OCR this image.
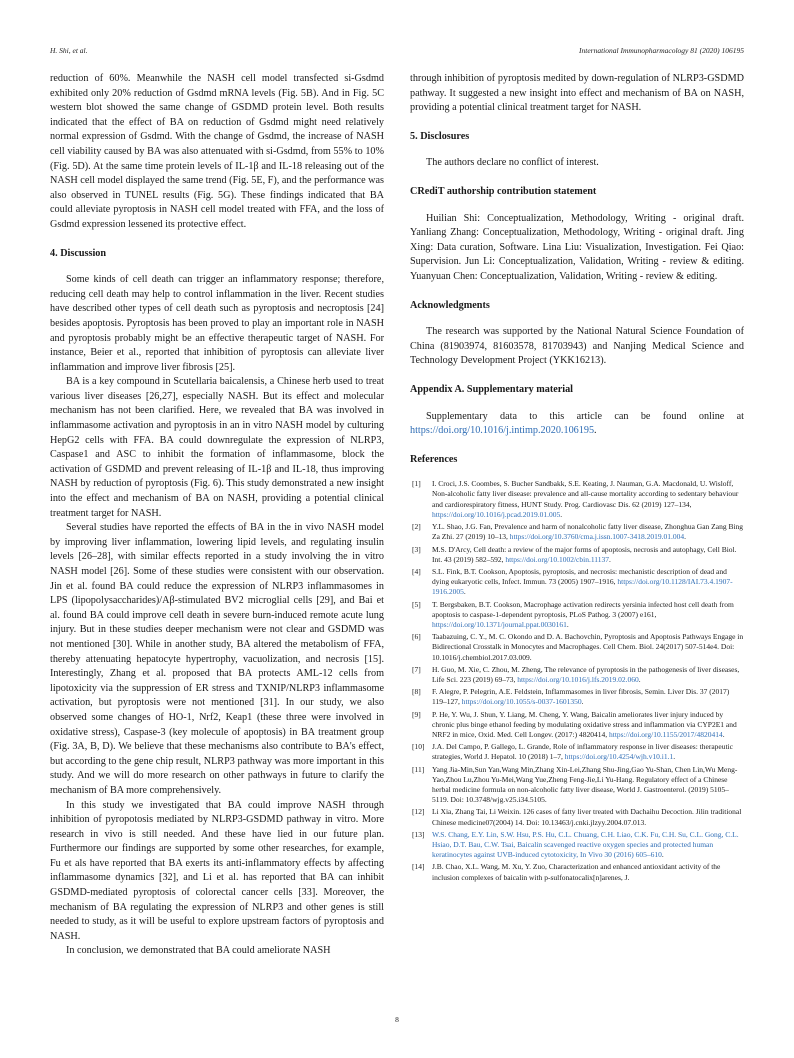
H. Shi, et al.	International Immunopharmacology 81 (2020) 106195

reduction of 60%. Meanwhile the NASH cell model transfected si-Gsdmd exhibited only 20% reduction of Gsdmd mRNA levels (Fig. 5B). And in Fig. 5C western blot showed the same change of GSDMD protein level. Both results indicated that the effect of BA on reduction of Gsdmd might need relatively normal expression of Gsdmd. With the change of Gsdmd, the increase of NASH cell viability caused by BA was also attenuated with si-Gsdmd, from 55% to 10% (Fig. 5D). At the same time protein levels of IL-1β and IL-18 releasing out of the NASH cell model displayed the same trend (Fig. 5E, F), and the performance was also observed in TUNEL results (Fig. 5G). These findings indicated that BA could alleviate pyroptosis in NASH cell model treated with FFA, and the loss of Gsdmd expression lessened its protective effect.

4. Discussion

Some kinds of cell death can trigger an inflammatory response; therefore, reducing cell death may help to control inflammation in the liver. Recent studies have described other types of cell death such as pyroptosis and necroptosis [24] besides apoptosis. Pyroptosis has been proved to play an important role in NASH and pyroptosis probably might be an effective therapeutic target of NASH. For instance, Beier et al., reported that inhibition of pyroptosis can alleviate liver inflammation and improve liver fibrosis [25].

BA is a key compound in Scutellaria baicalensis, a Chinese herb used to treat various liver diseases [26,27], especially NASH. But its effect and molecular mechanism has not been clarified. Here, we revealed that BA was involved in inflammasome activation and pyroptosis in an in vitro NASH model by culturing HepG2 cells with FFA. BA could downregulate the expression of NLRP3, Caspase1 and ASC to inhibit the formation of inflammasome, block the activation of GSDMD and prevent releasing of IL-1β and IL-18, thus improving NASH by reduction of pyroptosis (Fig. 6). This study demonstrated a new insight into the effect and mechanism of BA on NASH, providing a potential clinical treatment target for NASH.

Several studies have reported the effects of BA in the in vivo NASH model by improving liver inflammation, lowering lipid levels, and regulating insulin levels [26–28], with similar effects reported in a study involving the in vitro NASH model [26]. Some of these studies were consistent with our observation. Jin et al. found BA could reduce the expression of NLRP3 inflammasomes in LPS (lipopolysaccharides)/Aβ-stimulated BV2 microglial cells [29], and Bai et al. found BA could improve cell death in severe burn-induced remote acute lung injury. But in these studies deeper mechanism were not clear and GSDMD was not mentioned [30]. While in another study, BA altered the metabolism of FFA, thereby attenuating hepatocyte hypertrophy, vacuolization, and necrosis [15]. Interestingly, Zhang et al. proposed that BA protects AML-12 cells from lipotoxicity via the suppression of ER stress and TXNIP/NLRP3 inflammasome activation, but pyroptosis were not mentioned [31]. In our study, we also observed some changes of HO-1, Nrf2, Keap1 (these three were involved in oxidative stress), Caspase-3 (key molecule of apoptosis) in BA treatment group (Fig. 3A, B, D). We believe that these mechanisms also contribute to BA's effect, but according to the gene chip result, NLRP3 pathway was more important in this study. And we will do more research on other pathways in future to clarify the mechanism of BA more comprehensively.

In this study we investigated that BA could improve NASH through inhibition of pyropotosis mediated by NLRP3-GSDMD pathway in vitro. More research in vivo is still needed. And these have lied in our future plan. Furthermore our findings are supported by some other researches, for example, Fu et als have reported that BA exerts its anti-inflammatory effects by affecting inflammasome dynamics [32], and Li et al. has reported that BA can inhibit GSDMD-mediated pyroptosis of colorectal cancer cells [33]. Moreover, the mechanism of BA regulating the expression of NLRP3 and other genes is still needed to study, as it will be useful to explore upstream factors of pyroptosis and NASH.

In conclusion, we demonstrated that BA could ameliorate NASH

through inhibition of pyroptosis medited by down-regulation of NLRP3-GSDMD pathway. It suggested a new insight into effect and mechanism of BA on NASH, providing a potential clinical treatment target for NASH.

5. Disclosures

The authors declare no conflict of interest.

CRediT authorship contribution statement

Huilian Shi: Conceptualization, Methodology, Writing - original draft. Yanliang Zhang: Conceptualization, Methodology, Writing - original draft. Jing Xing: Data curation, Software. Lina Liu: Visualization, Investigation. Fei Qiao: Supervision. Jun Li: Conceptualization, Validation, Writing - review & editing. Yuanyuan Chen: Conceptualization, Validation, Writing - review & editing.

Acknowledgments

The research was supported by the National Natural Science Foundation of China (81903974, 81603578, 81703943) and Nanjing Medical Science and Technology Development Project (YKK16213).

Appendix A. Supplementary material

Supplementary data to this article can be found online at https://doi.org/10.1016/j.intimp.2020.106195.

References
[1] I. Croci, J.S. Coombes, S. Bucher Sandbakk, S.E. Keating, J. Nauman, G.A. Macdonald, U. Wisloff, Non-alcoholic fatty liver disease: prevalence and all-cause mortality according to sedentary behaviour and cardiorespiratory fitness, HUNT Study. Prog. Cardiovasc Dis. 62 (2019) 127–134, https://doi.org/10.1016/j.pcad.2019.01.005.
[2] Y.L. Shao, J.G. Fan, Prevalence and harm of nonalcoholic fatty liver disease, Zhonghua Gan Zang Bing Za Zhi. 27 (2019) 10–13, https://doi.org/10.3760/cma.j.issn.1007-3418.2019.01.004.
[3] M.S. D'Arcy, Cell death: a review of the major forms of apoptosis, necrosis and autophagy, Cell Biol. Int. 43 (2019) 582–592, https://doi.org/10.1002/cbin.11137.
[4] S.L. Fink, B.T. Cookson, Apoptosis, pyroptosis, and necrosis: mechanistic description of dead and dying eukaryotic cells, Infect. Immun. 73 (2005) 1907–1916, https://doi.org/10.1128/IAI.73.4.1907-1916.2005.
[5] T. Bergsbaken, B.T. Cookson, Macrophage activation redirects yersinia infected host cell death from apoptosis to caspase-1-dependent pyroptosis, PLoS Pathog. 3 (2007) e161, https://doi.org/10.1371/journal.ppat.0030161.
[6] Taabazuing, C. Y., M. C. Okondo and D. A. Bachovchin, Pyroptosis and Apoptosis Pathways Engage in Bidirectional Crosstalk in Monocytes and Macrophages. Cell Chem. Biol. 24(2017) 507-514e4. Doi: 10.1016/j.chembiol.2017.03.009.
[7] H. Guo, M. Xie, C. Zhou, M. Zheng, The relevance of pyroptosis in the pathogenesis of liver diseases, Life Sci. 223 (2019) 69–73, https://doi.org/10.1016/j.lfs.2019.02.060.
[8] F. Alegre, P. Pelegrin, A.E. Feldstein, Inflammasomes in liver fibrosis, Semin. Liver Dis. 37 (2017) 119–127, https://doi.org/10.1055/s-0037-1601350.
[9] P. He, Y. Wu, J. Shun, Y. Liang, M. Cheng, Y. Wang, Baicalin ameliorates liver injury induced by chronic plus binge ethanol feeding by modulating oxidative stress and inflammation via CYP2E1 and NRF2 in mice, Oxid. Med. Cell Longev. (2017:) 4820414, https://doi.org/10.1155/2017/4820414.
[10] J.A. Del Campo, P. Gallego, L. Grande, Role of inflammatory response in liver diseases: therapeutic strategies, World J. Hepatol. 10 (2018) 1–7, https://doi.org/10.4254/wjh.v10.i1.1.
[11] Yang Jia-Min,Sun Yan,Wang Min,Zhang Xin-Lei,Zhang Shu-Jing,Gao Yu-Shan, Chen Lin,Wu Meng-Yao,Zhou Lu,Zhou Yu-Mei,Wang Yue,Zheng Feng-Jie,Li Yu-Hang. Regulatory effect of a Chinese herbal medicine formula on non-alcoholic fatty liver disease, World J. Gastroenterol. (2019) 5105–5119. Doi: 10.3748/wjg.v25.i34.5105.
[12] Li Xia, Zhang Tai, Li Weixin. 126 cases of fatty liver treated with Dachaihu Decoction. Jilin traditional Chinese medicine07(2004) 14. Doi: 10.13463/j.cnki.jlzyy.2004.07.013.
[13] W.S. Chang, E.Y. Lin, S.W. Hsu, P.S. Hu, C.L. Chuang, C.H. Liao, C.K. Fu, C.H. Su, C.L. Gong, C.L. Hsiao, D.T. Bau, C.W. Tsai, Baicalin scavenged reactive oxygen species and protected human keratinocytes against UVB-induced cytotoxicity, In Vivo 30 (2016) 605–610.
[14] J.B. Chao, X.L. Wang, M. Xu, Y. Zuo, Characterization and enhanced antioxidant activity of the inclusion complexes of baicalin with p-sulfonatocalix[n]arenes, J.
8
